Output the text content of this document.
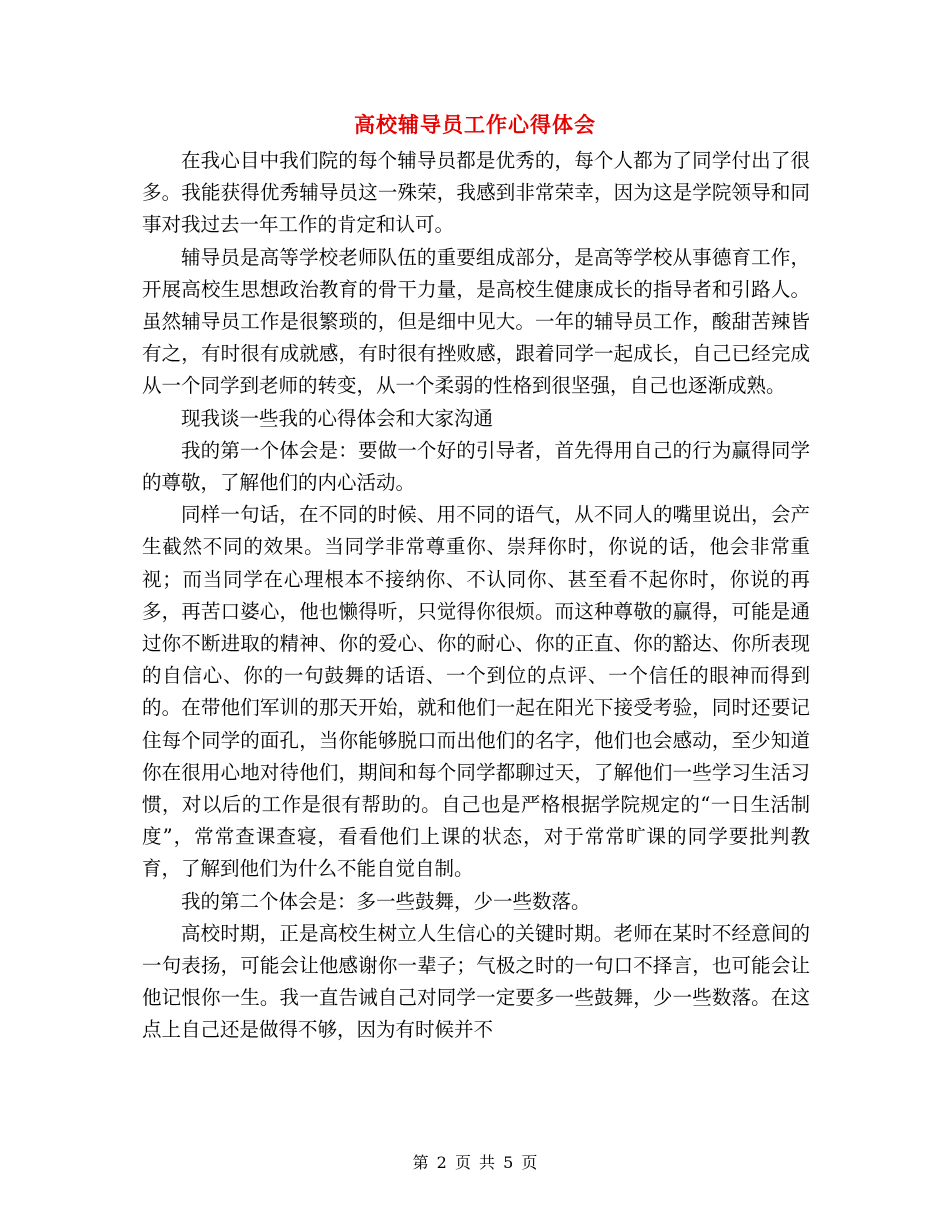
高校辅导员工作心得体会

在我心目中我们院的每个辅导员都是优秀的，每个人都为了同学付出了很多。我能获得优秀辅导员这一殊荣，我感到非常荣幸，因为这是学院领导和同事对我过去一年工作的肯定和认可。

辅导员是高等学校老师队伍的重要组成部分，是高等学校从事德育工作，开展高校生思想政治教育的骨干力量，是高校生健康成长的指导者和引路人。虽然辅导员工作是很繁琐的，但是细中见大。一年的辅导员工作，酸甜苦辣皆有之，有时很有成就感，有时很有挫败感，跟着同学一起成长，自己已经完成从一个同学到老师的转变，从一个柔弱的性格到很坚强，自己也逐渐成熟。

现我谈一些我的心得体会和大家沟通

我的第一个体会是：要做一个好的引导者，首先得用自己的行为赢得同学的尊敬，了解他们的内心活动。

同样一句话，在不同的时候、用不同的语气，从不同人的嘴里说出，会产生截然不同的效果。当同学非常尊重你、崇拜你时，你说的话，他会非常重视；而当同学在心理根本不接纳你、不认同你、甚至看不起你时，你说的再多，再苦口婆心，他也懒得听，只觉得你很烦。而这种尊敬的赢得，可能是通过你不断进取的精神、你的爱心、你的耐心、你的正直、你的豁达、你所表现的自信心、你的一句鼓舞的话语、一个到位的点评、一个信任的眼神而得到的。在带他们军训的那天开始，就和他们一起在阳光下接受考验，同时还要记住每个同学的面孔，当你能够脱口而出他们的名字，他们也会感动，至少知道你在很用心地对待他们，期间和每个同学都聊过天，了解他们一些学习生活习惯，对以后的工作是很有帮助的。自己也是严格根据学院规定的“一日生活制度”，常常查课查寝，看看他们上课的状态，对于常常旷课的同学要批判教育，了解到他们为什么不能自觉自制。

我的第二个体会是：多一些鼓舞，少一些数落。

高校时期，正是高校生树立人生信心的关键时期。老师在某时不经意间的一句表扬，可能会让他感谢你一辈子；气极之时的一句口不择言，也可能会让他记恨你一生。我一直告诫自己对同学一定要多一些鼓舞，少一些数落。在这点上自己还是做得不够，因为有时候并不

第 2 页 共 5 页
